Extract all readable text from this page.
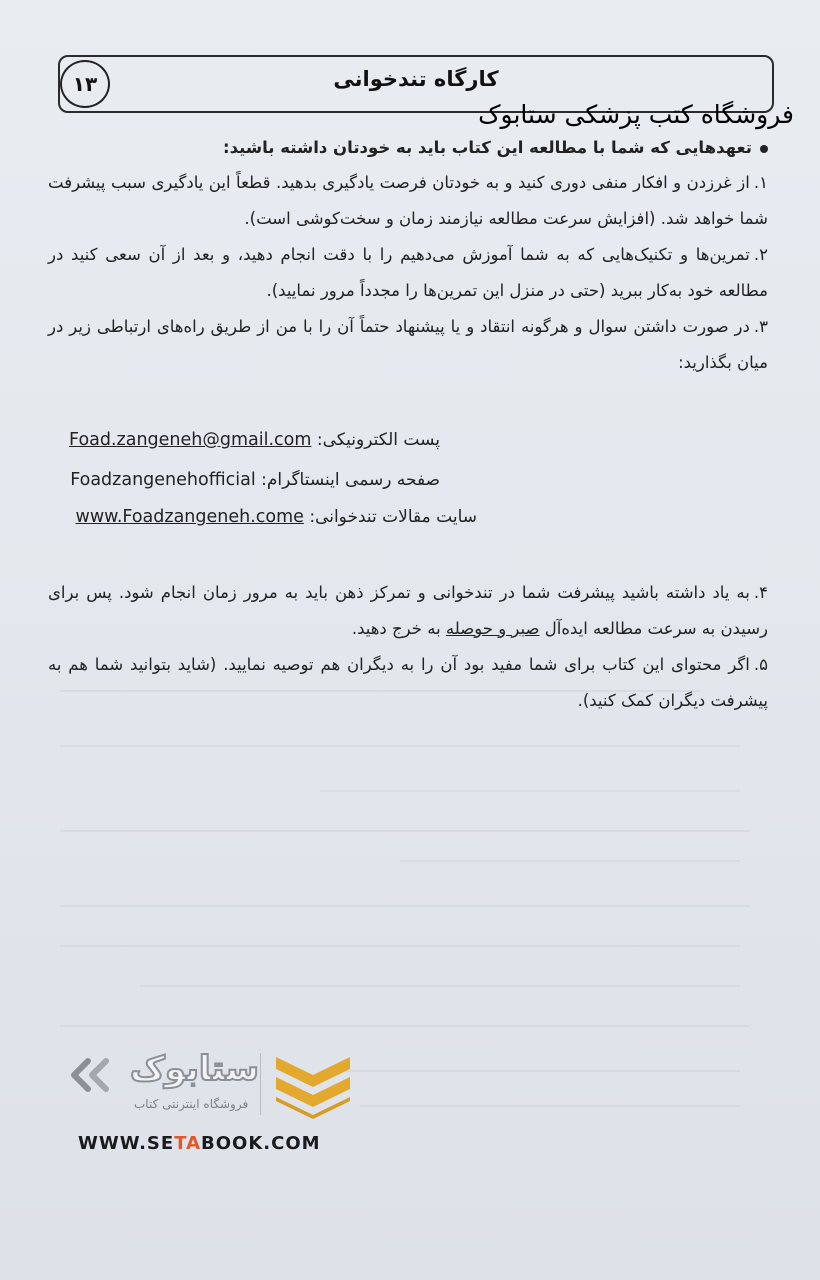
کارگاه تندخوانی
۱۳
فروشگاه کتب پزشکی ستابوک
تعهدهایی که شما با مطالعه این کتاب باید به خودتان داشته باشید:

۱.از غرزدن و افکار منفی دوری کنید و به خودتان فرصت یادگیری بدهید. قطعاً این یادگیری سبب پیشرفت شما خواهد شد. (افزایش سرعت مطالعه نیازمند زمان و سخت‌کوشی است).

۲.تمرین‌ها و تکنیک‌هایی که به شما آموزش می‌دهیم را با دقت انجام دهید، و بعد از آن سعی کنید در مطالعه خود به‌کار ببرید (حتی در منزل این تمرین‌ها را مجدداً مرور نمایید).

۳.در صورت داشتن سوال و هرگونه انتقاد و یا پیشنهاد حتماً آن را با من از طریق راه‌های ارتباطی زیر در میان بگذارید:

پست الکترونیکی: Foad.zangeneh@gmail.com
صفحه رسمی اینستاگرام: Foadzangenehofficial
سایت مقالات تندخوانی: www.Foadzangeneh.come

۴.به یاد داشته باشید پیشرفت شما در تندخوانی و تمرکز ذهن باید به مرور زمان انجام شود. پس برای رسیدن به سرعت مطالعه ایده‌آل صبر و حوصله به خرج دهید.

۵.اگر محتوای این کتاب برای شما مفید بود آن را به دیگران هم توصیه نمایید. (شاید بتوانید شما هم به پیشرفت دیگران کمک کنید).

ستابوک
فروشگاه اینترنتی کتاب
WWW.SETABOOK.COM
